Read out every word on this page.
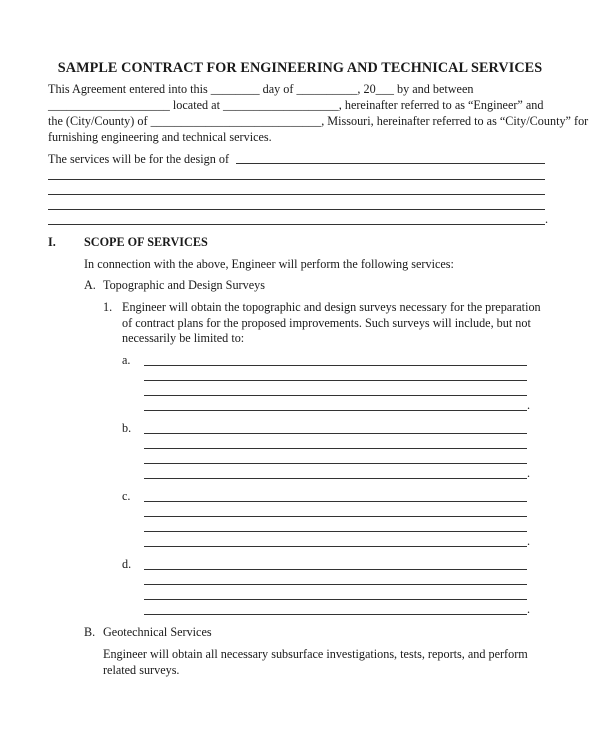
SAMPLE CONTRACT FOR ENGINEERING AND TECHNICAL SERVICES
This Agreement entered into this ________ day of __________, 20___ by and between
____________________ located at ___________________, hereinafter referred to as “Engineer” and
the (City/County) of ____________________________, Missouri, hereinafter referred to as “City/County” for
furnishing engineering and technical services.
The services will be for the design of
.
I. SCOPE OF SERVICES
In connection with the above, Engineer will perform the following services:
A. Topographic and Design Surveys
1. Engineer will obtain the topographic and design surveys necessary for the preparation
of contract plans for the proposed improvements. Such surveys will include, but not
necessarily be limited to:
a.
.
b.
.
c.
.
d.
.
B. Geotechnical Services
Engineer will obtain all necessary subsurface investigations, tests, reports, and perform
related surveys.
